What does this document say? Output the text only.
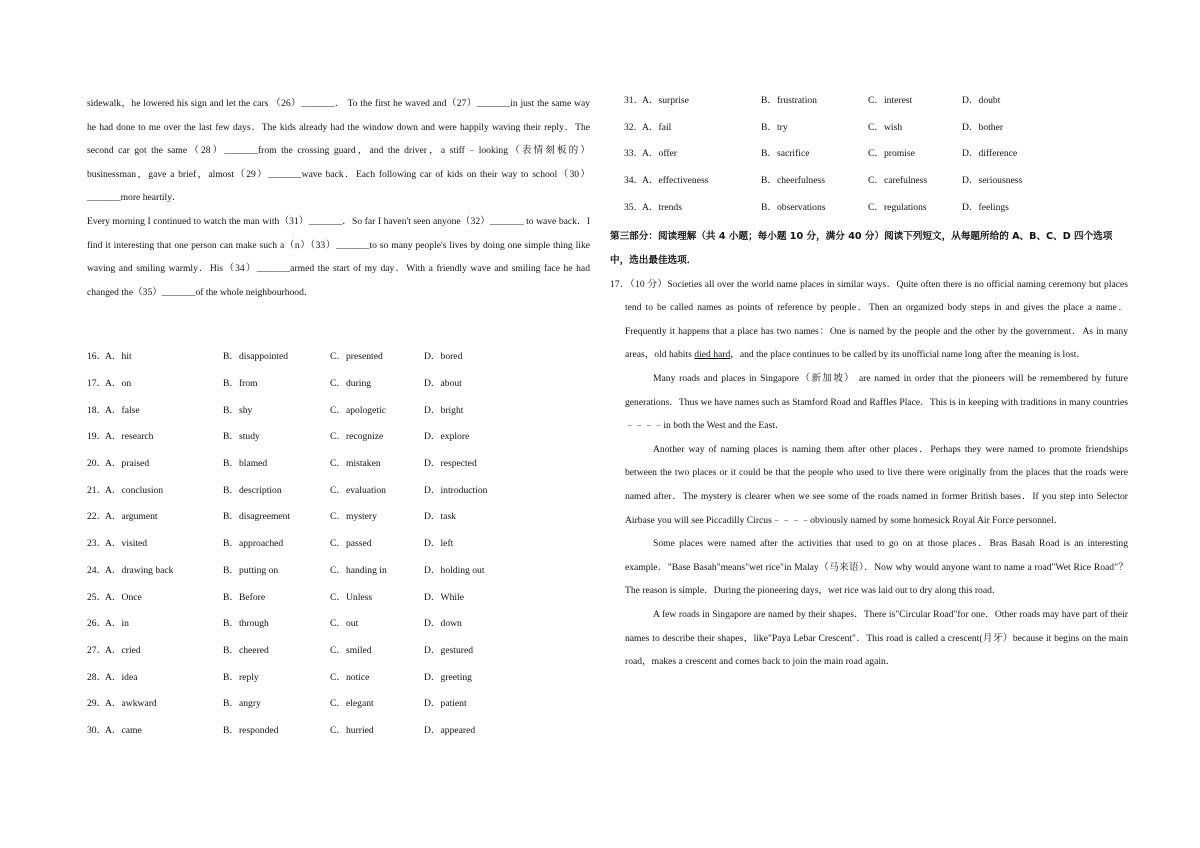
sidewalk，he lowered his sign and let the cars （26）_______． To the first he waved and（27）_______in just the same way he had done to me over the last few days．The kids already had the window down and were happily waving their reply．The second car got the same（28）_______from the crossing guard，and the driver，a stiff﹣looking（表情刻板的） businessman，gave a brief，almost（29）_______wave back．Each following car of kids on their way to school（30）_______more heartily．

Every morning I continued to watch the man with（31）_______．So far I haven't seen anyone（32）_______ to wave back．I find it interesting that one person can make such a（n）（33）_______to so many people's lives by doing one simple thing like waving and smiling warmly．His（34）_______armed the start of my day．With a friendly wave and smiling face he had changed the（35）_______of the whole neighbourhood．

16．
A．hit	B．disappointed	C．presented	D．bored
17．
A．on	B．from	C．during	D．about
18．
A．false	B．shy	C．apologetic	D．bright
19．
A．research	B．study	C．recognize	D．explore
20．
A．praised	B．blamed	C．mistaken	D．respected
21．
A．conclusion	B．description	C．evaluation	D．introduction
22．
A．argument	B．disagreement	C．mystery	D．task
23．
A．visited	B．approached	C．passed	D．left
24．
A．drawing back	B．putting on	C．handing in	D．holding out
25．
A．Once	B．Before	C．Unless	D．While
26．
A．in	B．through	C．out	D．down
27．
A．cried	B．cheered	C．smiled	D．gestured
28．
A．idea	B．reply	C．notice	D．greeting
29．
A．awkward	B．angry	C．elegant	D．patient
30．
A．came	B．responded	C．hurried	D．appeared
31．
A．surprise	B．frustration	C．interest	D．doubt
32．
A．fail	B．try	C．wish	D．bother
33．
A．offer	B．sacrifice	C．promise	D．difference
34．
A．effectiveness	B．cheerfulness	C．carefulness	D．seriousness
35．
A．trends	B．observations	C．regulations	D．feelings

第三部分：阅读理解（共 4 小题；每小题 10 分，满分 40 分）阅读下列短文，从每题所给的 A、B、C、D 四个选项中，选出最佳选项．

17．（10 分）Societies all over the world name places in similar ways．Quite often there is no official naming ceremony but places tend to be called names as points of reference by people．Then an organized body steps in and gives the place a name．Frequently it happens that a place has two names：One is named by the people and the other by the government．As in many areas，old habits died hard，and the place continues to be called by its unofficial name long after the meaning is lost．

Many roads and places in Singapore（新加坡） are named in order that the pioneers will be remembered by future generations．Thus we have names such as Stamford Road and Raffles Place．This is in keeping with traditions in many countries﹣﹣﹣﹣in both the West and the East．

Another way of naming places is naming them after other places．Perhaps they were named to promote friendships between the two places or it could be that the people who used to live there were originally from the places that the roads were named after．The mystery is clearer when we see some of the roads named in former British bases．If you step into Selector Airbase you will see Piccadilly Circus﹣﹣﹣﹣obviously named by some homesick Royal Air Force personnel．

Some places were named after the activities that used to go on at those places．Bras Basah Road is an interesting example．"Base Basah"means"wet rice"in Malay（马来语）．Now why would anyone want to name a road"Wet Rice Road"？The reason is simple．During the pioneering days，wet rice was laid out to dry along this road．

A few roads in Singapore are named by their shapes．There is"Circular Road"for one．Other roads may have part of their names to describe their shapes，like"Paya Lebar Crescent"．This road is called a crescent(月牙）because it begins on the main road，makes a crescent and comes back to join the main road again．
